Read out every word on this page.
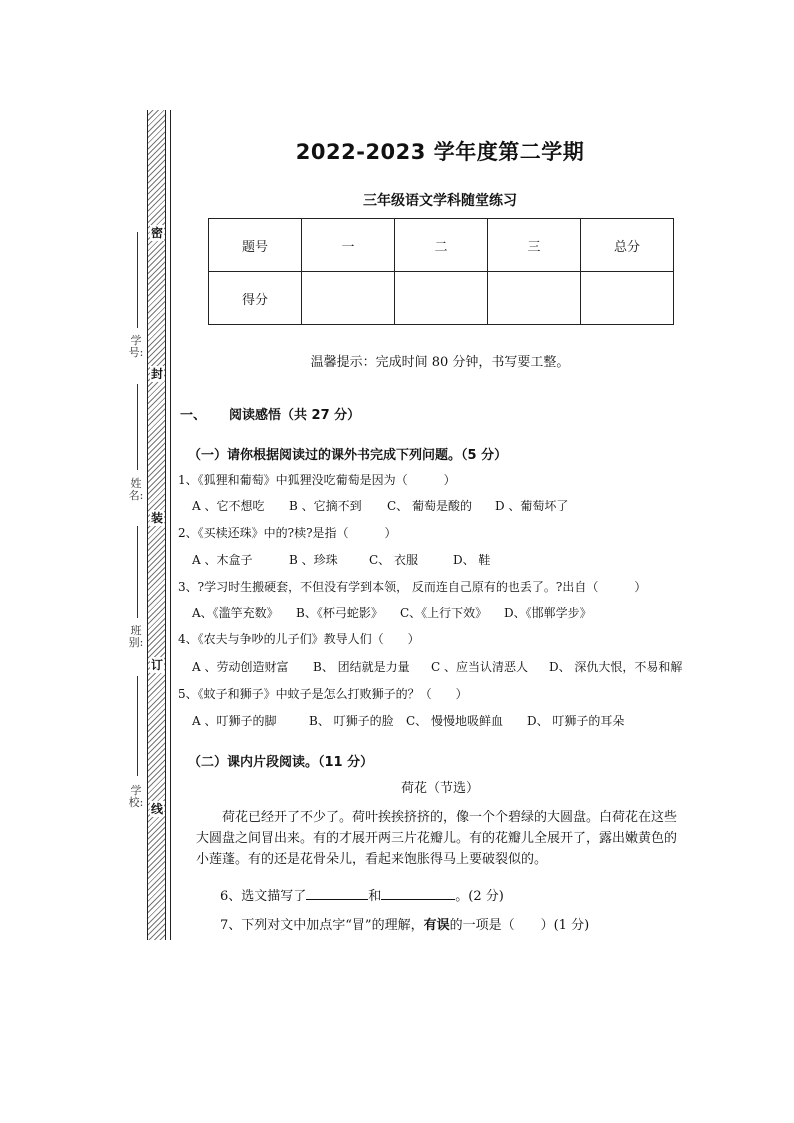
密
封
装
订
线
学号:
姓名:
班别:
学校:
2022-2023 学年度第二学期
三年级语文学科随堂练习
题号	一	二	三	总分
得分				
温馨提示：完成时间 80 分钟，书写要工整。
一、 阅读感悟（共 27 分）
（一）请你根据阅读过的课外书完成下列问题。（5 分）
1、《狐狸和葡萄》中狐狸没吃葡萄是因为（　　　）
A 、它不想吃 B 、它摘不到 C、 葡萄是酸的 D 、葡萄坏了
2、《买椟还珠》中的?椟?是指（　　　）
A 、木盒子	B 、珍珠	C、 衣服	D、 鞋
3、?学习时生搬硬套，不但没有学到本领， 反而连自己原有的也丢了。?出自（　　　）
A、《滥竽充数》 B、《杯弓蛇影》 C、《上行下效》 D、《邯郸学步》
4、《农夫与争吵的儿子们》教导人们（　　）
A 、劳动创造财富 B、 团结就是力量 C 、应当认清恶人 D、 深仇大恨，不易和解
5、《蚊子和狮子》中蚊子是怎么打败狮子的？（　　）
A 、叮狮子的脚	B、 叮狮子的脸 C、 慢慢地吸鲜血 D、 叮狮子的耳朵
（二）课内片段阅读。（11 分）
荷花（节选）
荷花已经开了不少了。荷叶挨挨挤挤的，像一个个碧绿的大圆盘。白荷花在这些
大圆盘之间冒出来。有的才展开两三片花瓣儿。有的花瓣儿全展开了，露出嫩黄色的
小莲蓬。有的还是花骨朵儿，看起来饱胀得马上要破裂似的。
6、选文描写了	和	。(2 分)
7、下列对文中加点字“冒”的理解，有误的一项是（　　）(1 分)
